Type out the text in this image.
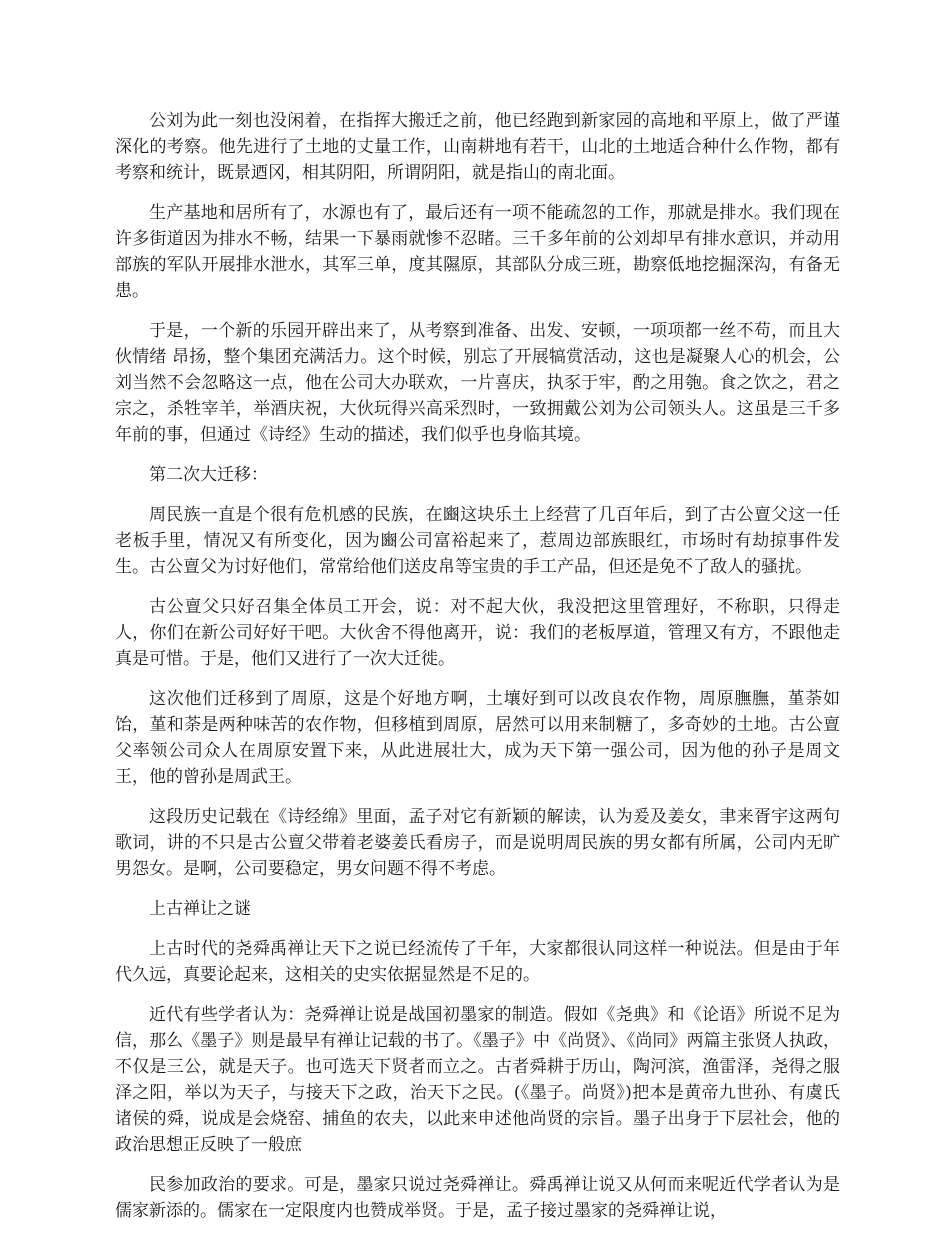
公刘为此一刻也没闲着，在指挥大搬迁之前，他已经跑到新家园的高地和平原上，做了严谨深化的考察。他先进行了土地的丈量工作，山南耕地有若干，山北的土地适合种什么作物，都有考察和统计，既景迺冈，相其阴阳，所谓阴阳，就是指山的南北面。

生产基地和居所有了，水源也有了，最后还有一项不能疏忽的工作，那就是排水。我们现在许多街道因为排水不畅，结果一下暴雨就惨不忍睹。三千多年前的公刘却早有排水意识，并动用部族的军队开展排水泄水，其军三单，度其隰原，其部队分成三班，勘察低地挖掘深沟，有备无患。

于是，一个新的乐园开辟出来了，从考察到准备、出发、安顿，一项项都一丝不苟，而且大伙情绪 昂扬，整个集团充满活力。这个时候，别忘了开展犒赏活动，这也是凝聚人心的机会，公刘当然不会忽略这一点，他在公司大办联欢，一片喜庆，执豕于牢，酌之用匏。食之饮之，君之宗之，杀牲宰羊，举酒庆祝，大伙玩得兴高采烈时，一致拥戴公刘为公司领头人。这虽是三千多年前的事，但通过《诗经》生动的描述，我们似乎也身临其境。

第二次大迁移：

周民族一直是个很有危机感的民族，在豳这块乐土上经营了几百年后，到了古公亶父这一任老板手里，情况又有所变化，因为豳公司富裕起来了，惹周边部族眼红，市场时有劫掠事件发生。古公亶父为讨好他们，常常给他们送皮帛等宝贵的手工产品，但还是免不了敌人的骚扰。

古公亶父只好召集全体员工开会，说：对不起大伙，我没把这里管理好，不称职，只得走人，你们在新公司好好干吧。大伙舍不得他离开，说：我们的老板厚道，管理又有方，不跟他走真是可惜。于是，他们又进行了一次大迁徙。

这次他们迁移到了周原，这是个好地方啊，土壤好到可以改良农作物，周原膴膴，堇荼如饴，堇和荼是两种味苦的农作物，但移植到周原，居然可以用来制糖了，多奇妙的土地。古公亶父率领公司众人在周原安置下来，从此进展壮大，成为天下第一强公司，因为他的孙子是周文王，他的曾孙是周武王。

这段历史记载在《诗经绵》里面，孟子对它有新颖的解读，认为爰及姜女，聿来胥宇这两句歌词，讲的不只是古公亶父带着老婆姜氏看房子，而是说明周民族的男女都有所属，公司内无旷男怨女。是啊，公司要稳定，男女问题不得不考虑。

上古禅让之谜

上古时代的尧舜禹禅让天下之说已经流传了千年，大家都很认同这样一种说法。但是由于年代久远，真要论起来，这相关的史实依据显然是不足的。

近代有些学者认为：尧舜禅让说是战国初墨家的制造。假如《尧典》和《论语》所说不足为信，那么《墨子》则是最早有禅让记载的书了。《墨子》中《尚贤》、《尚同》两篇主张贤人执政，不仅是三公，就是天子。也可选天下贤者而立之。古者舜耕于历山，陶河滨，渔雷泽，尧得之服泽之阳，举以为天子，与接天下之政，治天下之民。(《墨子。尚贤》)把本是黄帝九世孙、有虞氏诸侯的舜，说成是会烧窑、捕鱼的农夫，以此来申述他尚贤的宗旨。墨子出身于下层社会，他的政治思想正反映了一般庶

民参加政治的要求。可是，墨家只说过尧舜禅让。舜禹禅让说又从何而来呢近代学者认为是儒家新添的。儒家在一定限度内也赞成举贤。于是，孟子接过墨家的尧舜禅让说，
